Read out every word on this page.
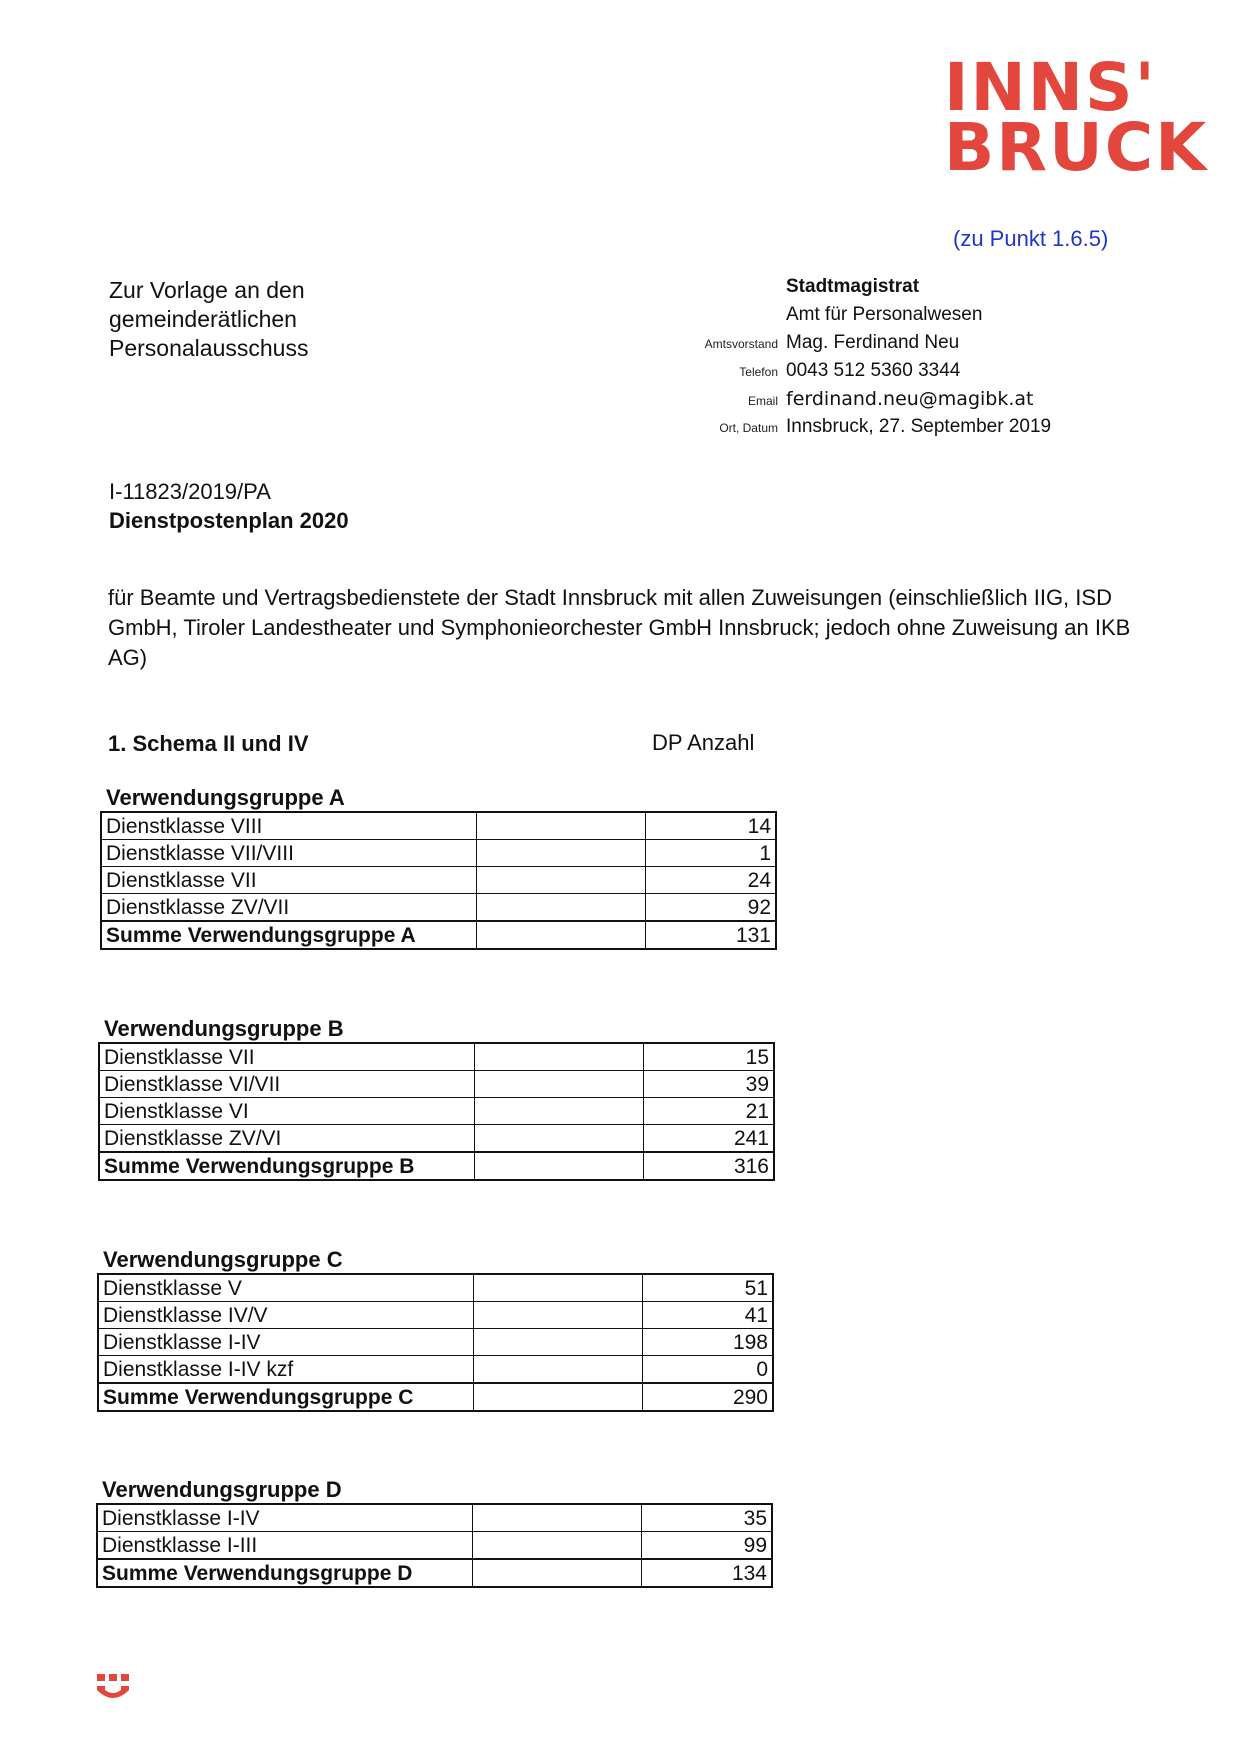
INNS'
BRUCK
(zu Punkt 1.6.5)
Zur Vorlage an den
gemeinderätlichen
Personalausschuss
Stadtmagistrat
Amt für Personalwesen
Amtsvorstand Mag. Ferdinand Neu
Telefon 0043 512 5360 3344
Email ferdinand.neu@magibk.at
Ort, Datum Innsbruck, 27. September 2019
I-11823/2019/PA
Dienstpostenplan 2020
für Beamte und Vertragsbedienstete der Stadt Innsbruck mit allen Zuweisungen (einschließlich IIG, ISD GmbH, Tiroler Landestheater und Symphonieorchester GmbH Innsbruck; jedoch ohne Zuweisung an IKB AG)
1. Schema II und IV	DP Anzahl
Verwendungsgruppe A
Dienstklasse VIII		14
Dienstklasse VII/VIII		1
Dienstklasse VII		24
Dienstklasse ZV/VII		92
Summe Verwendungsgruppe A		131
Verwendungsgruppe B
Dienstklasse VII		15
Dienstklasse VI/VII		39
Dienstklasse VI		21
Dienstklasse ZV/VI		241
Summe Verwendungsgruppe B		316
Verwendungsgruppe C
Dienstklasse V		51
Dienstklasse IV/V		41
Dienstklasse I-IV		198
Dienstklasse I-IV kzf		0
Summe Verwendungsgruppe C		290
Verwendungsgruppe D
Dienstklasse I-IV		35
Dienstklasse I-III		99
Summe Verwendungsgruppe D		134
